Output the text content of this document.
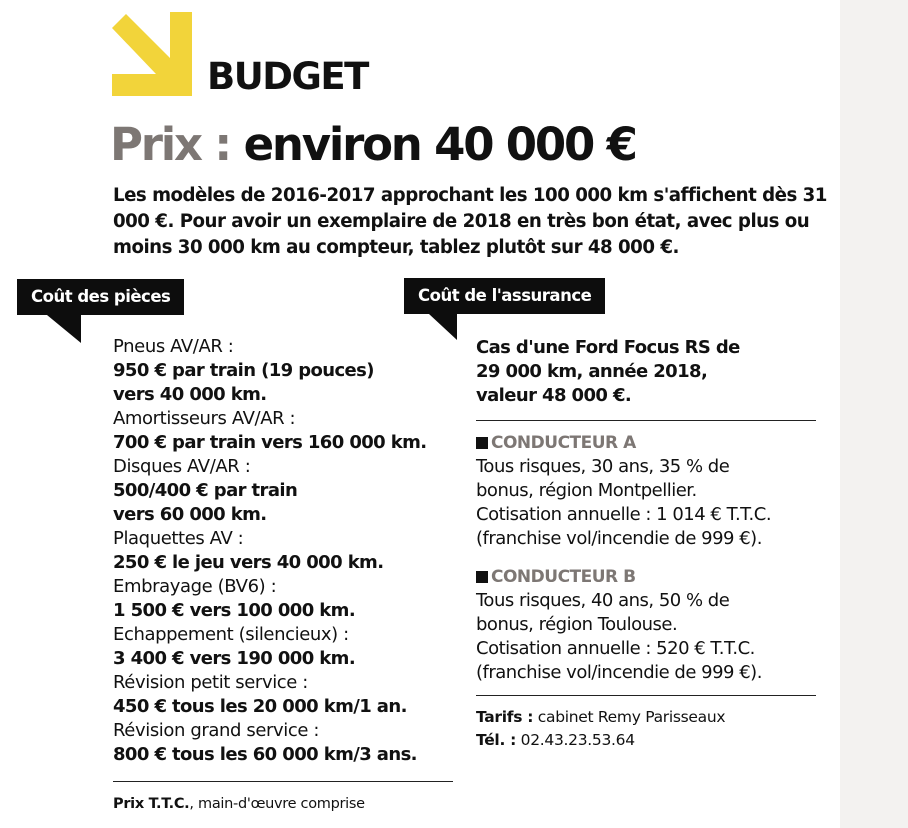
BUDGET

Prix : environ 40 000 €

Les modèles de 2016-2017 approchant les 100 000 km s'affichent dès 31 000 €. Pour avoir un exemplaire de 2018 en très bon état, avec plus ou moins 30 000 km au compteur, tablez plutôt sur 48 000 €.

Coût des pièces	Coût de l'assurance
Pneus AV/AR :
950 € par train (19 pouces) vers 40 000 km.
Amortisseurs AV/AR :
700 € par train vers 160 000 km.
Disques AV/AR :
500/400 € par train vers 60 000 km.
Plaquettes AV :
250 € le jeu vers 40 000 km.
Embrayage (BV6) :
1 500 € vers 100 000 km.
Echappement (silencieux) :
3 400 € vers 190 000 km.
Révision petit service :
450 € tous les 20 000 km/1 an.
Révision grand service :
800 € tous les 60 000 km/3 ans.
Prix T.T.C., main-d'œuvre comprise

Cas d'une Ford Focus RS de 29 000 km, année 2018, valeur 48 000 €.

CONDUCTEUR A

Tous risques, 30 ans, 35 % de bonus, région Montpellier.

Cotisation annuelle : 1 014 € T.T.C.

(franchise vol/incendie de 999 €).

CONDUCTEUR B

Tous risques, 40 ans, 50 % de bonus, région Toulouse.

Cotisation annuelle : 520 € T.T.C.

(franchise vol/incendie de 999 €).

Tarifs : cabinet Remy Parisseaux
Tél. : 02.43.23.53.64
